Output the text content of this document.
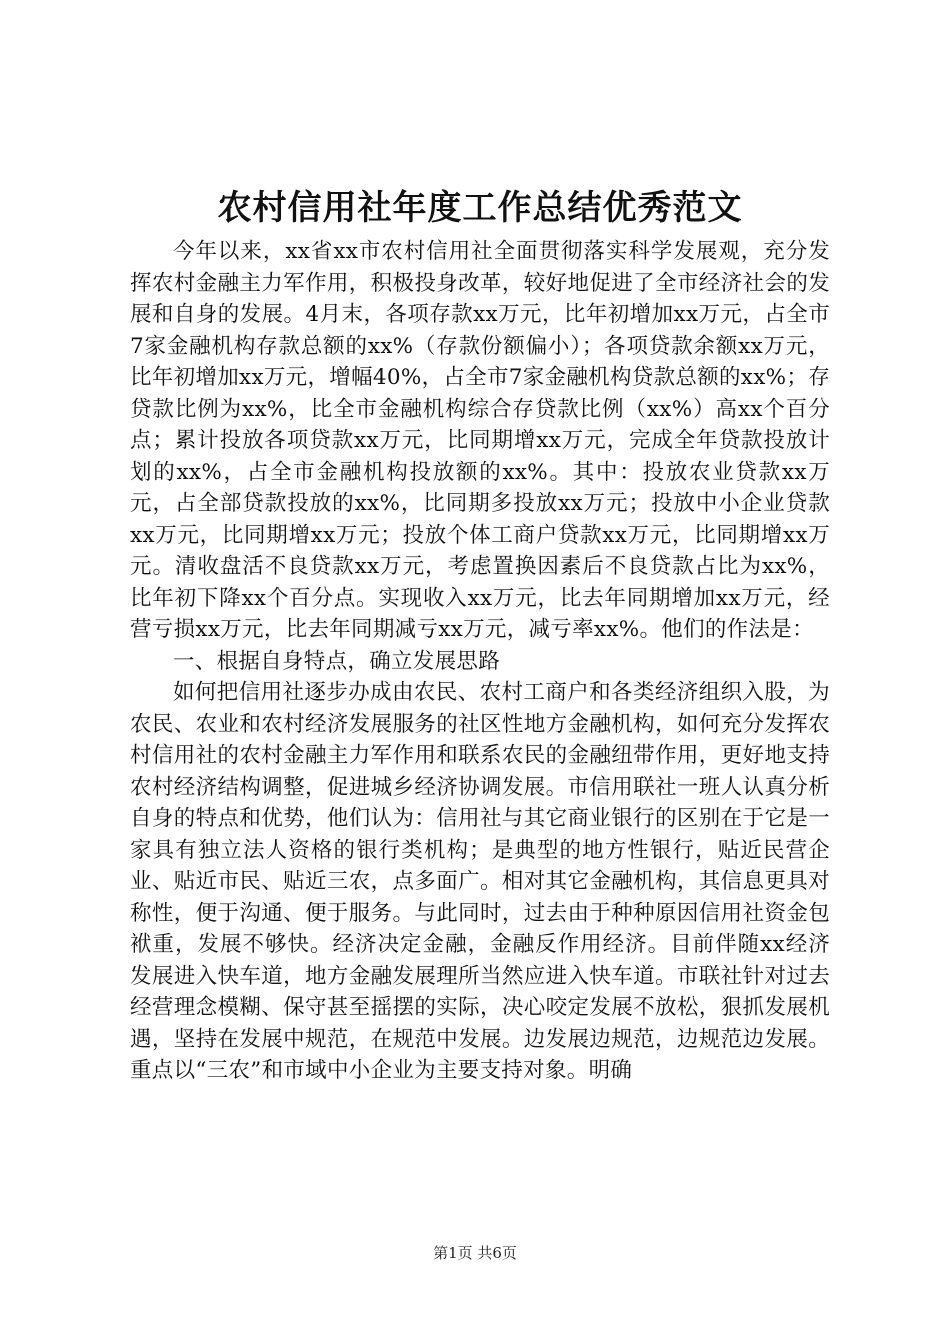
农村信用社年度工作总结优秀范文

今年以来，xx省xx市农村信用社全面贯彻落实科学发展观，充分发挥农村金融主力军作用，积极投身改革，较好地促进了全市经济社会的发展和自身的发展。4月末，各项存款xx万元，比年初增加xx万元，占全市7家金融机构存款总额的xx%（存款份额偏小）；各项贷款余额xx万元，比年初增加xx万元，增幅40%，占全市7家金融机构贷款总额的xx%；存贷款比例为xx%，比全市金融机构综合存贷款比例（xx%）高xx个百分点；累计投放各项贷款xx万元，比同期增xx万元，完成全年贷款投放计划的xx%，占全市金融机构投放额的xx%。其中：投放农业贷款xx万元，占全部贷款投放的xx%，比同期多投放xx万元；投放中小企业贷款xx万元，比同期增xx万元；投放个体工商户贷款xx万元，比同期增xx万元。清收盘活不良贷款xx万元，考虑置换因素后不良贷款占比为xx%，比年初下降xx个百分点。实现收入xx万元，比去年同期增加xx万元，经营亏损xx万元，比去年同期减亏xx万元，减亏率xx%。他们的作法是：

一、根据自身特点，确立发展思路

如何把信用社逐步办成由农民、农村工商户和各类经济组织入股，为农民、农业和农村经济发展服务的社区性地方金融机构，如何充分发挥农村信用社的农村金融主力军作用和联系农民的金融纽带作用，更好地支持农村经济结构调整，促进城乡经济协调发展。市信用联社一班人认真分析自身的特点和优势，他们认为：信用社与其它商业银行的区别在于它是一家具有独立法人资格的银行类机构；是典型的地方性银行，贴近民营企业、贴近市民、贴近三农，点多面广。相对其它金融机构，其信息更具对称性，便于沟通、便于服务。与此同时，过去由于种种原因信用社资金包袱重，发展不够快。经济决定金融，金融反作用经济。目前伴随xx经济发展进入快车道，地方金融发展理所当然应进入快车道。市联社针对过去经营理念模糊、保守甚至摇摆的实际，决心咬定发展不放松，狠抓发展机遇，坚持在发展中规范，在规范中发展。边发展边规范，边规范边发展。重点以“三农”和市域中小企业为主要支持对象。明确

第1页 共6页
